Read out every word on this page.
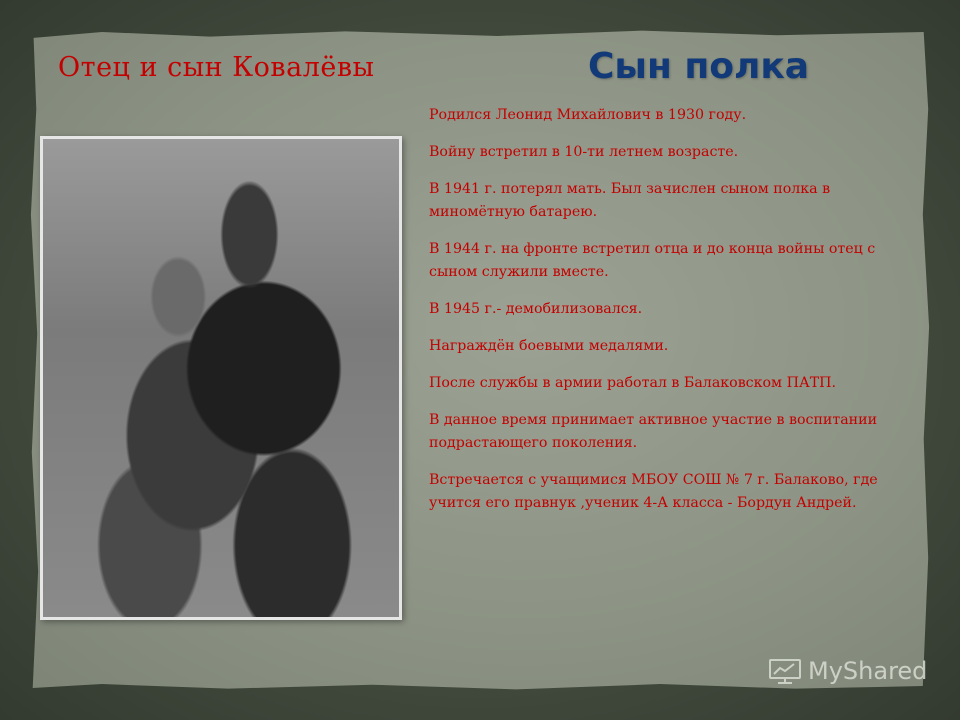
Отец и сын Ковалёвы	Сын полка

Родился Леонид Михайлович в 1930 году.

Войну встретил в 10-ти летнем возрасте.

В 1941 г. потерял мать. Был зачислен сыном полка в миномётную батарею.

В 1944 г. на фронте встретил отца и до конца войны отец с сыном служили вместе.

В 1945 г.- демобилизовался.

Награждён боевыми медалями.

После службы в армии работал в Балаковском ПАТП.

В данное время принимает активное участие в воспитании подрастающего поколения.

Встречается с учащимися МБОУ СОШ № 7 г. Балаково, где учится его правнук ,ученик 4-А класса - Бордун Андрей.

MyShared
